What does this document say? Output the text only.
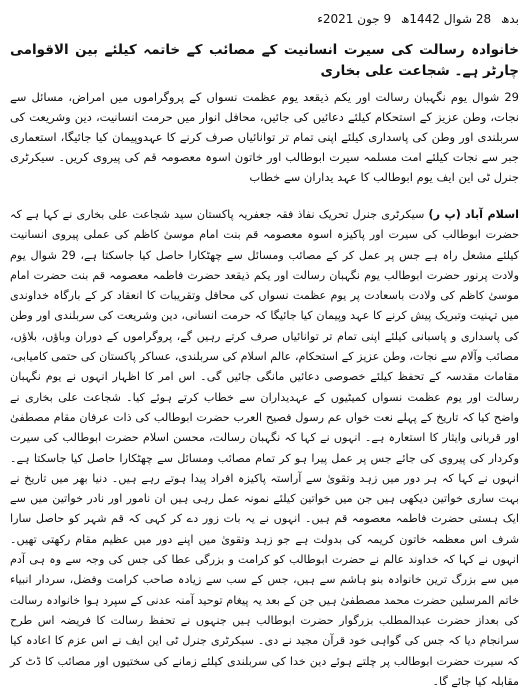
بدھ 28 شوال 1442ھ 9 جون 2021ء

خانوادہ رسالت کی سیرت انسانیت کے مصائب کے خاتمہ کیلئے بین الاقوامی چارٹر ہے۔ شجاعت علی بخاری

29 شوال یوم نگہبان رسالت اور یکم ذیقعد یوم عظمت نسواں کے پروگراموں میں امراض، مسائل سے نجات، وطن عزیز کے استحکام کیلئے دعائیں کی جائیں، محافل انوار میں حرمت انسانیت، دین وشریعت کی سربلندی اور وطن کی پاسداری کیلئے اپنی تمام تر توانائیاں صرف کرنے کا عہدوپیمان کیا جائیگا، استعماری جبر سے نجات کیلئے امت مسلمہ سیرت ابوطالب اور خاتون اسوہ معصومہ قم کی پیروی کریں۔ سیکرٹری جنرل ٹی این ایف یوم ابوطالب کا عہد یداران سے خطاب

اسلام آباد (پ ر) سیکرٹری جنرل تحریک نفاذ فقہ جعفریہ پاکستان سید شجاعت علی بخاری نے کہا ہے کہ حضرت ابوطالب کی سیرت اور پاکیزہ اسوہ معصومہ قم بنت امام موسیٰ کاظم کی عملی پیروی انسانیت کیلئے مشعل راہ ہے جس پر عمل کر کے مصائب ومسائل سے چھٹکارا حاصل کیا جاسکتا ہے، 29 شوال یوم ولادت پرنور حضرت ابوطالب یوم نگہبان رسالت اور یکم ذیقعد حضرت فاطمہ معصومہ قم بنت حضرت امام موسیٰ کاظم کی ولادت باسعادت پر یوم عظمت نسواں کی محافل وتقریبات کا انعقاد کر کے بارگاہ خداوندی میں تہنیت وتبریک پیش کرنے کا عہد وپیمان کیا جائیگا کہ حرمت انسانی، دین وشریعت کی سربلندی اور وطن کی پاسداری و پاسبانی کیلئے اپنی تمام تر توانائیاں صرف کرتے رہیں گے، پروگراموں کے دوران وباؤں، بلاؤں، مصائب وآلام سے نجات، وطن عزیز کے استحکام، عالم اسلام کی سربلندی، عساکر پاکستان کی حتمی کامیابی، مقامات مقدسہ کے تحفظ کیلئے خصوصی دعائیں مانگی جائیں گی۔ اس امر کا اظہار انہوں نے یوم نگہبان رسالت اور یوم عظمت نسواں کمیٹیوں کے عہدیداران سے خطاب کرتے ہوئے کیا۔ شجاعت علی بخاری نے واضح کیا کہ تاریخ کے پہلے نعت خواں عم رسول فصیح العرب حضرت ابوطالب کی ذات عرفان مقام مصطفیٰ اور قربانی وایثار کا استعارہ ہے۔ انہوں نے کہا کہ نگہبان رسالت، محسن اسلام حضرت ابوطالب کی سیرت وکردار کی پیروی کی جائے جس پر عمل پیرا ہو کر تمام مصائب ومسائل سے چھٹکارا حاصل کیا جاسکتا ہے۔ انہوں نے کہا کہ ہر دور میں زہد وتقویٰ سے آراستہ پاکیزہ افراد پیدا ہوتے رہے ہیں۔ دنیا بھر میں تاریخ نے بہت ساری خواتین دیکھی ہیں جن میں خواتین کیلئے نمونہ عمل رہی ہیں ان نامور اور نادر خواتین میں سے ایک ہستی حضرت فاطمہ معصومہ قم ہیں۔ انہوں نے یہ بات زور دے کر کہی کہ قم شہر کو حاصل سارا شرف اس معظمہ خاتون کریمہ کی بدولت ہے جو زہد وتقویٰ میں اپنے دور میں عظیم مقام رکھتی تھیں۔ انہوں نے کہا کہ خداوند عالم نے حضرت ابوطالب کو کرامت و بزرگی عطا کی جس کی وجہ سے وہ ہی آدم میں سے بزرگ ترین خانوادہ بنو ہاشم سے ہیں، جس کے سب سے زیادہ صاحب کرامت وفضل، سردار انبیاء خاتم المرسلین حضرت محمد مصطفیٰ ہیں جن کے بعد یہ پیغام توحید آمنہ عدنی کے سپرد ہوا خانوادہ رسالت کی بعداز حضرت عبدالمطلب بزرگوار حضرت ابوطالب ہیں جنہوں نے تحفظ رسالت کا فریضہ اس طرح سرانجام دیا کہ جس کی گواہی خود قرآن مجید نے دی۔ سیکرٹری جنرل ٹی این ایف نے اس عزم کا اعادہ کیا کہ سیرت حضرت ابوطالب پر چلتے ہوئے دین خدا کی سربلندی کیلئے زمانے کی سختیوں اور مصائب کا ڈٹ کر مقابلہ کیا جائے گا۔
